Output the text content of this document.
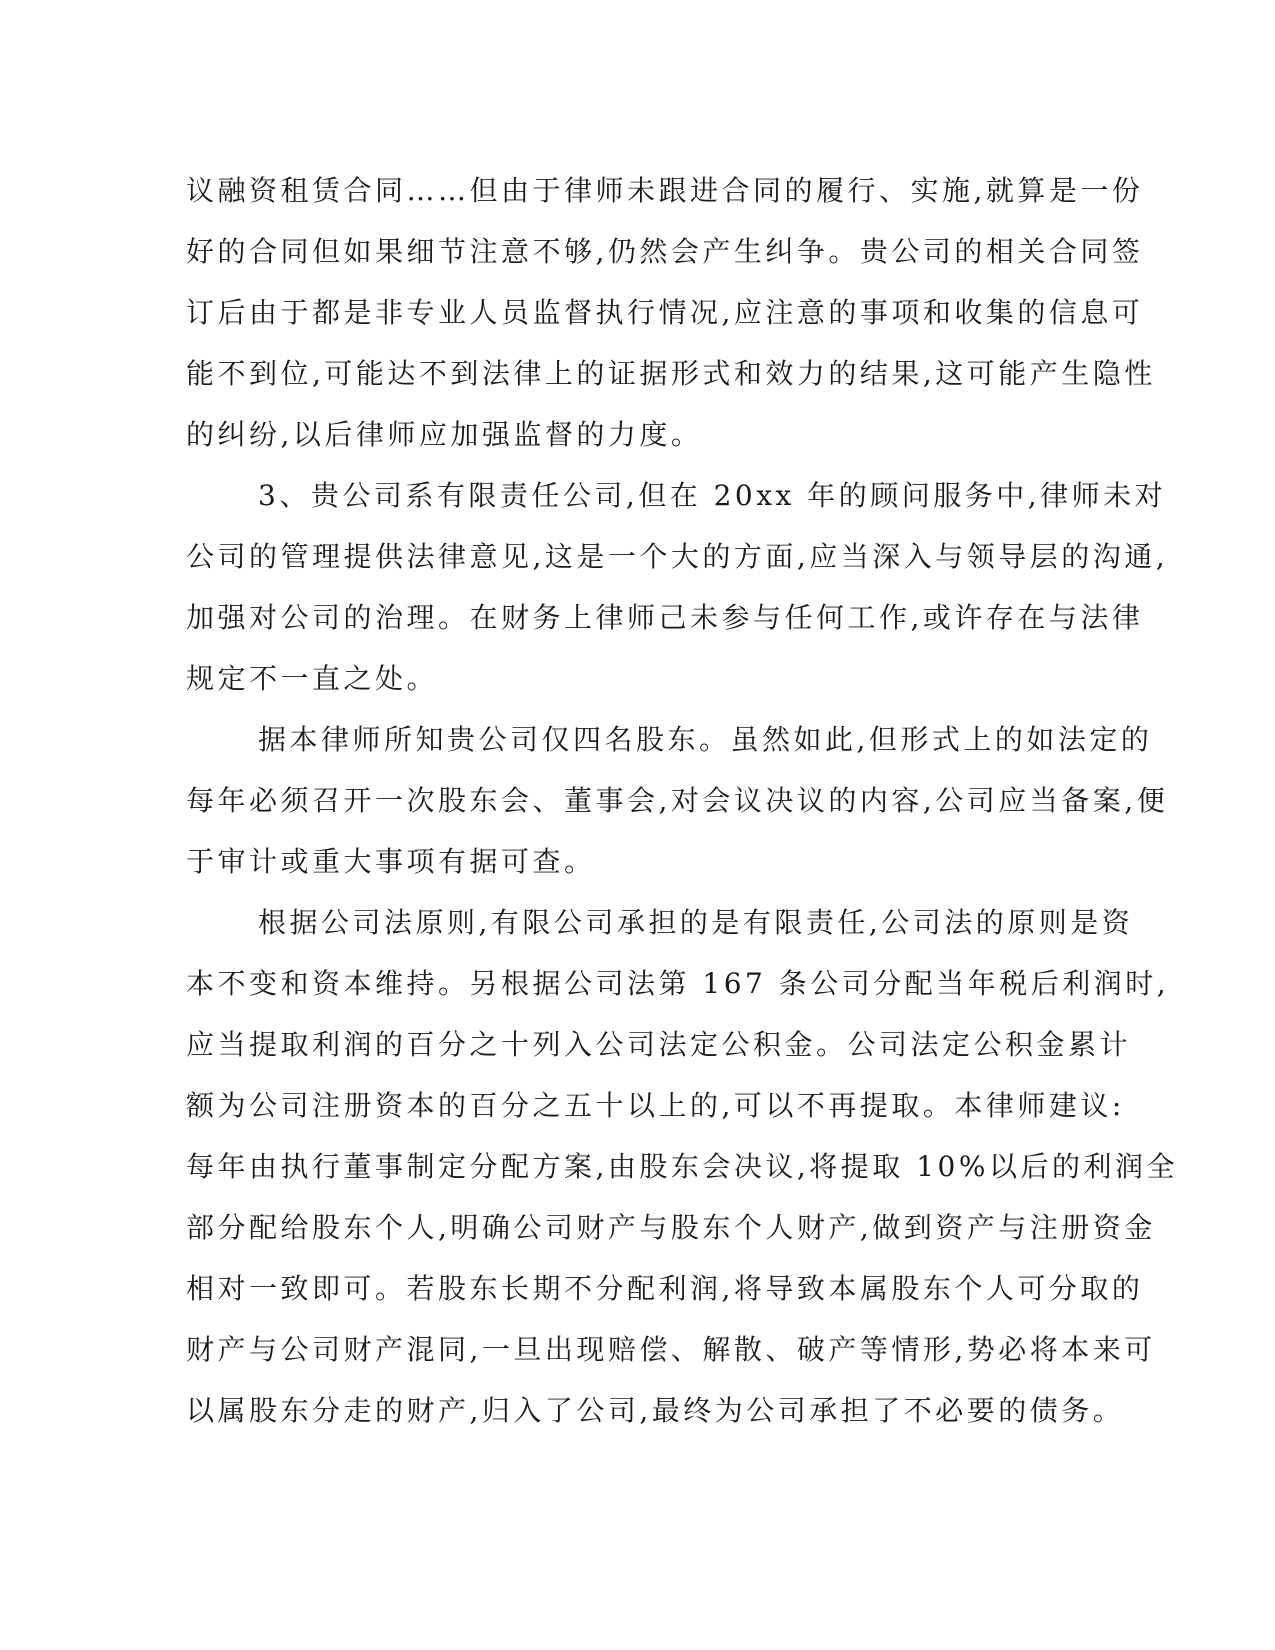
议融资租赁合同……但由于律师未跟进合同的履行、实施,就算是一份
好的合同但如果细节注意不够,仍然会产生纠争。贵公司的相关合同签
订后由于都是非专业人员监督执行情况,应注意的事项和收集的信息可
能不到位,可能达不到法律上的证据形式和效力的结果,这可能产生隐性
的纠纷,以后律师应加强监督的力度。
3、贵公司系有限责任公司,但在 20xx 年的顾问服务中,律师未对
公司的管理提供法律意见,这是一个大的方面,应当深入与领导层的沟通,
加强对公司的治理。在财务上律师己未参与任何工作,或许存在与法律
规定不一直之处。
据本律师所知贵公司仅四名股东。虽然如此,但形式上的如法定的
每年必须召开一次股东会、董事会,对会议决议的内容,公司应当备案,便
于审计或重大事项有据可查。
根据公司法原则,有限公司承担的是有限责任,公司法的原则是资
本不变和资本维持。另根据公司法第 167 条公司分配当年税后利润时,
应当提取利润的百分之十列入公司法定公积金。公司法定公积金累计
额为公司注册资本的百分之五十以上的,可以不再提取。本律师建议:
每年由执行董事制定分配方案,由股东会决议,将提取 10%以后的利润全
部分配给股东个人,明确公司财产与股东个人财产,做到资产与注册资金
相对一致即可。若股东长期不分配利润,将导致本属股东个人可分取的
财产与公司财产混同,一旦出现赔偿、解散、破产等情形,势必将本来可
以属股东分走的财产,归入了公司,最终为公司承担了不必要的债务。
